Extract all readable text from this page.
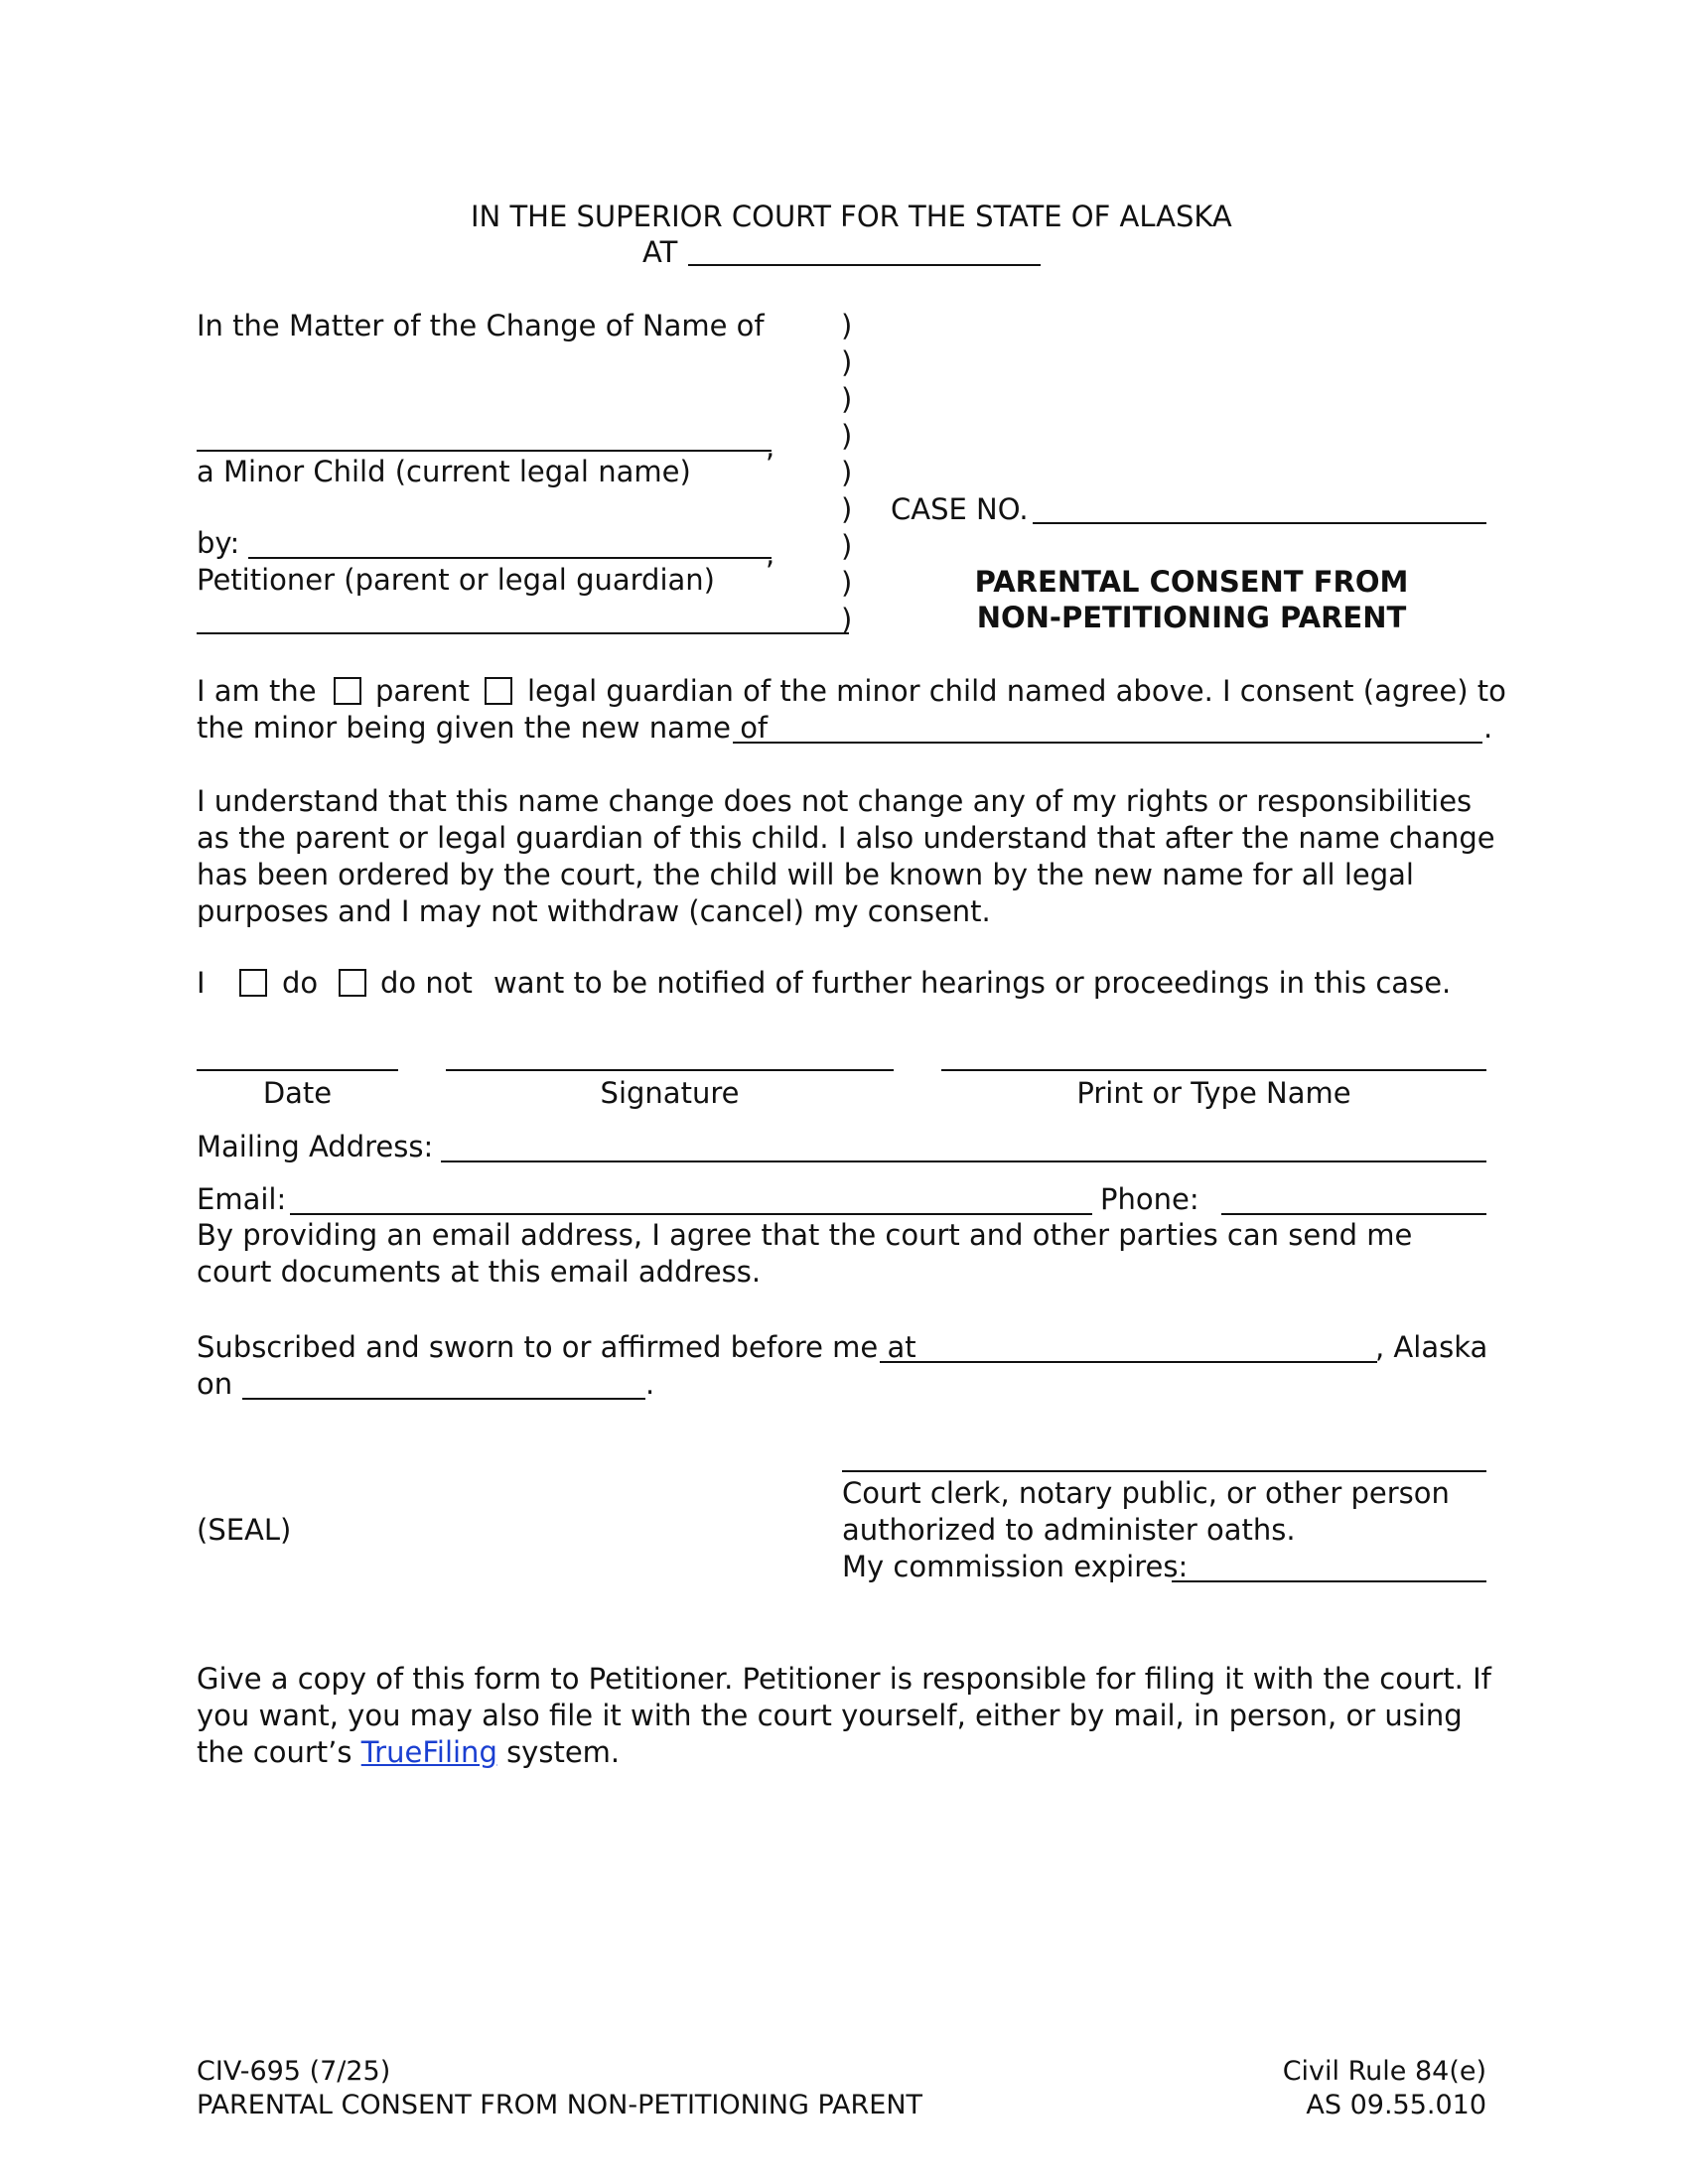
IN THE SUPERIOR COURT FOR THE STATE OF ALASKA
AT
In the Matter of the Change of Name of
,
a Minor Child (current legal name)
by:	,
Petitioner (parent or legal guardian)
)
)
)
)
)
)
)
)
)
CASE NO.
PARENTAL CONSENT FROM
NON-PETITIONING PARENT
I am the parent legal guardian of the minor child named above. I consent (agree) to
the minor being given the new name of	.
I understand that this name change does not change any of my rights or responsibilities as the parent or legal guardian of this child. I also understand that after the name change has been ordered by the court, the child will be known by the new name for all legal purposes and I may not withdraw (cancel) my consent.
I	do do not want to be notified of further hearings or proceedings in this case.
Date	Signature	Print or Type Name
Mailing Address:
Email:	Phone:
By providing an email address, I agree that the court and other parties can send me court documents at this email address.
Subscribed and sworn to or affirmed before me at	, Alaska
on	.
Court clerk, notary public, or other person
(SEAL)	authorized to administer oaths.
My commission expires:
Give a copy of this form to Petitioner. Petitioner is responsible for filing it with the court. If you want, you may also file it with the court yourself, either by mail, in person, or using the court’s TrueFiling system.
CIV-695 (7/25)
PARENTAL CONSENT FROM NON-PETITIONING PARENT
Civil Rule 84(e)
AS 09.55.010
